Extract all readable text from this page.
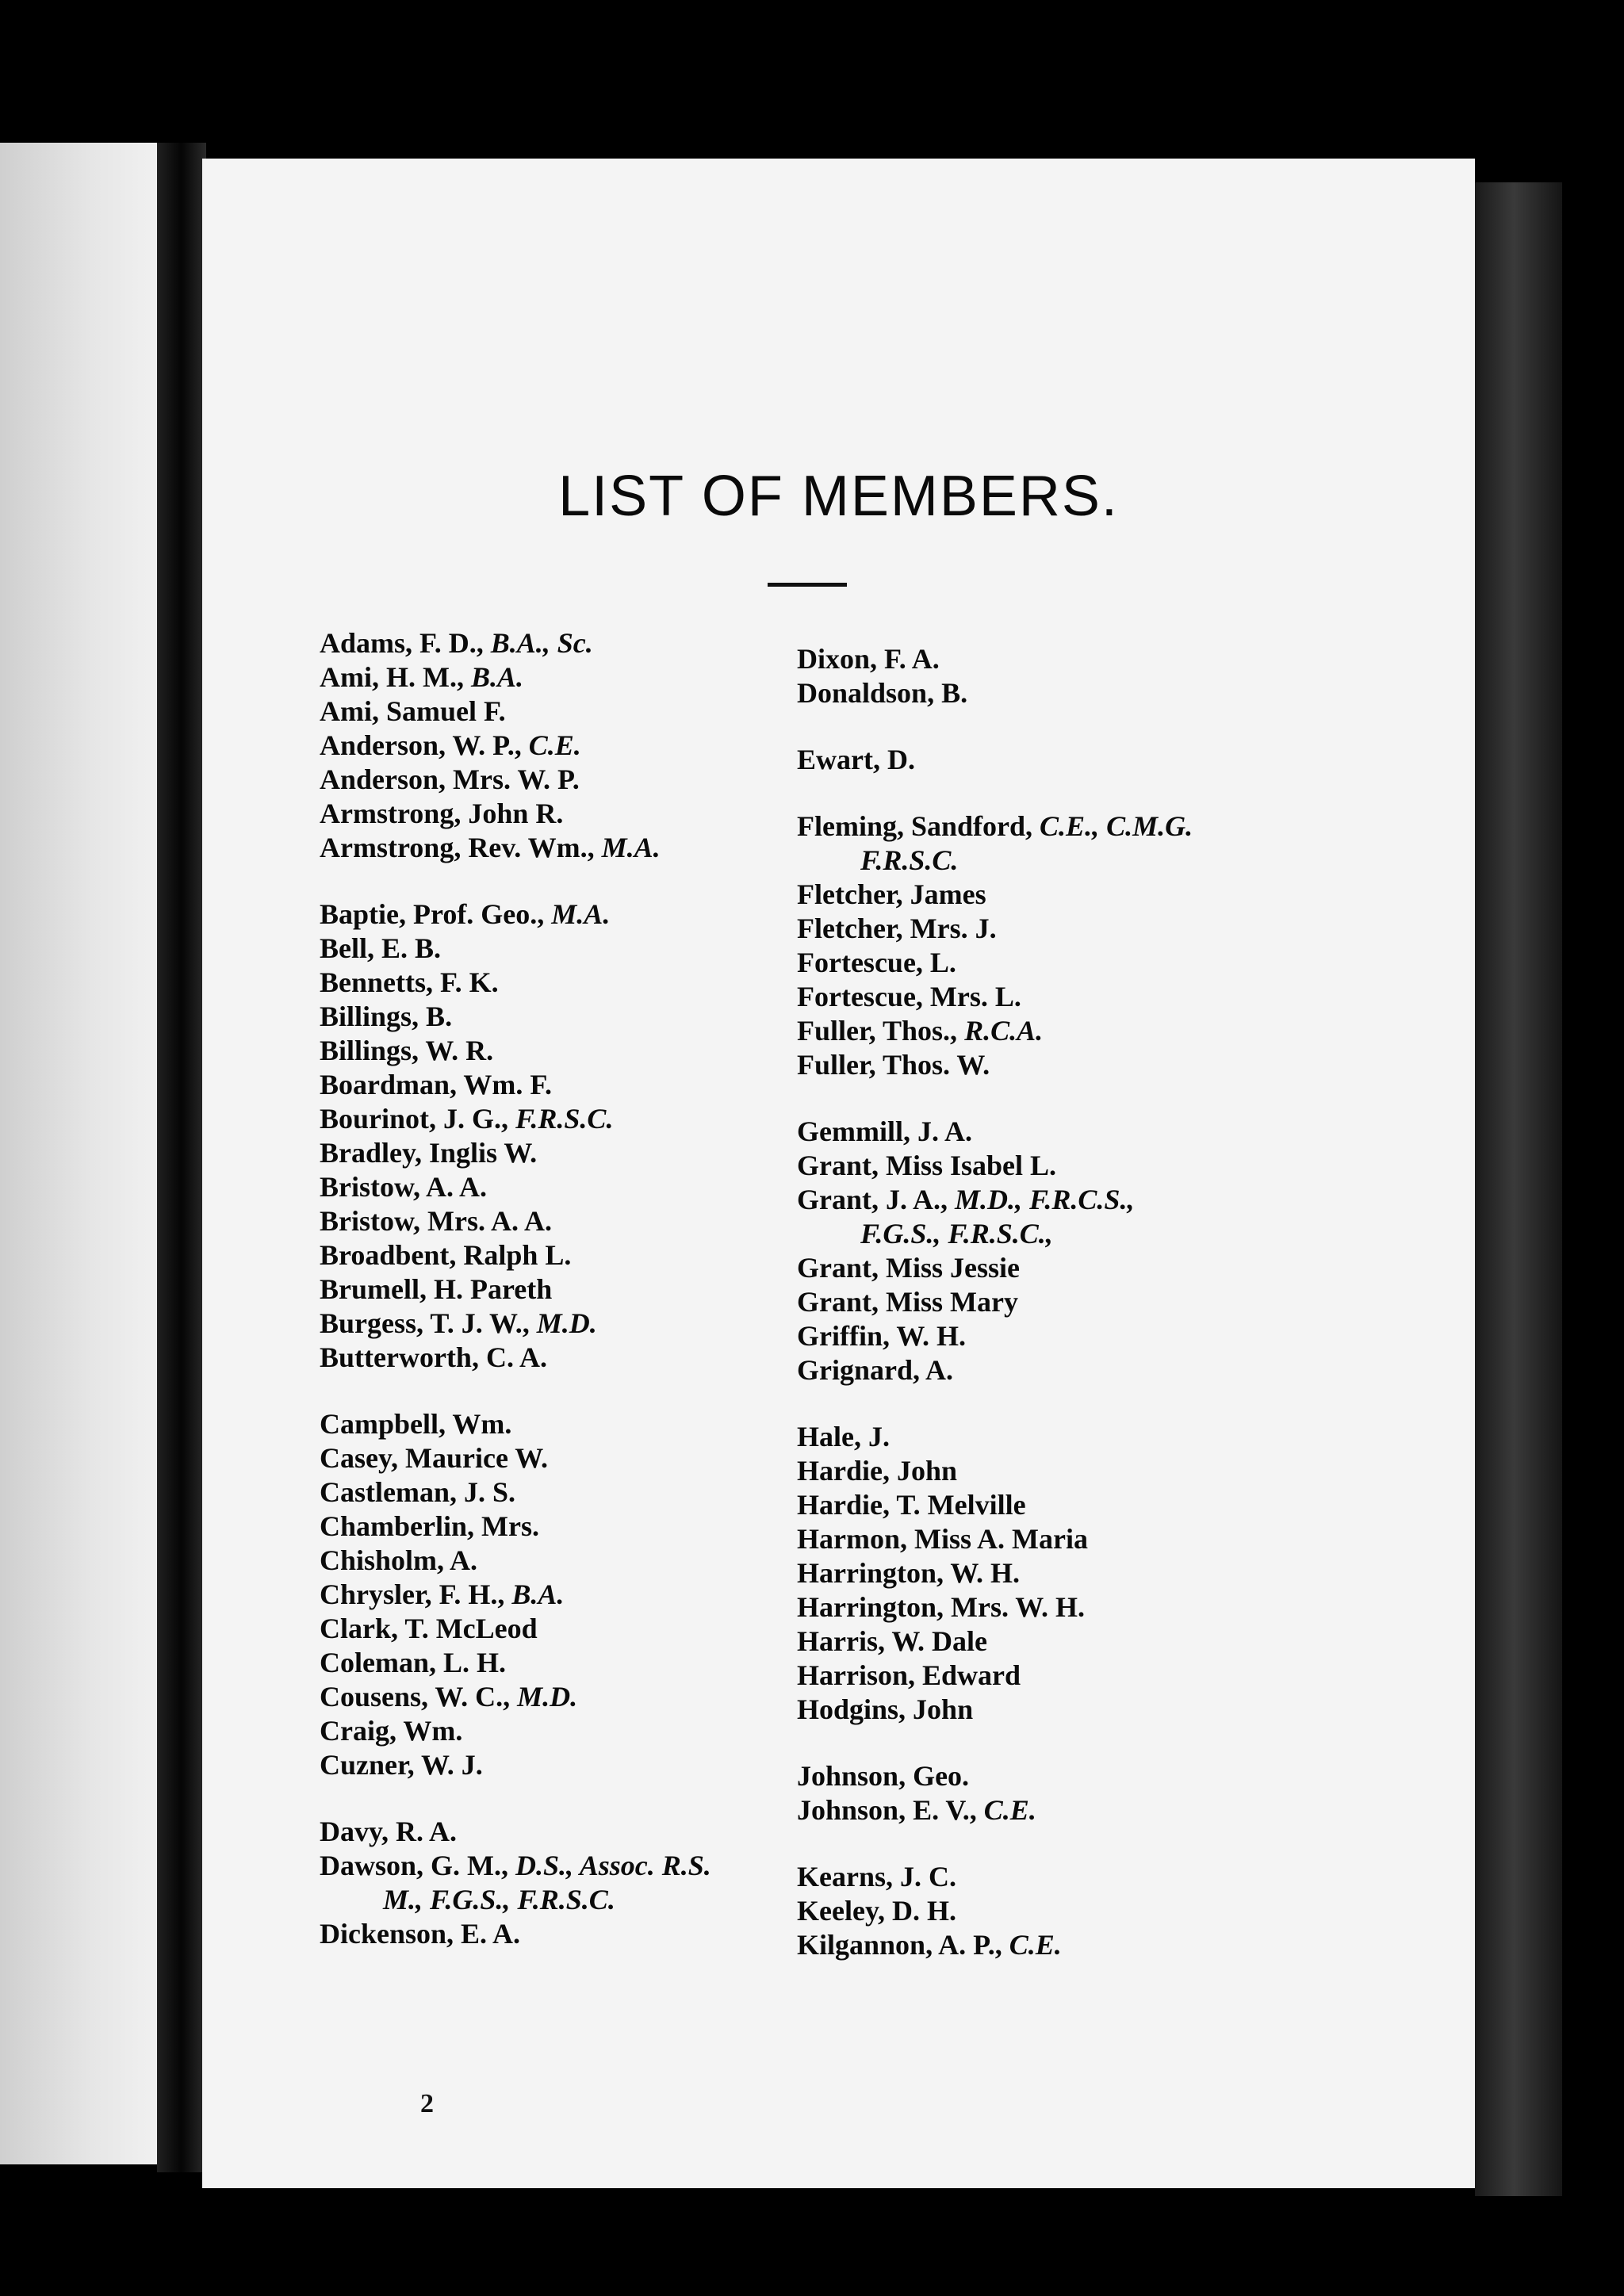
LIST OF MEMBERS.
Adams, F. D., B.A., Sc.
Ami, H. M., B.A.
Ami, Samuel F.
Anderson, W. P., C.E.
Anderson, Mrs. W. P.
Armstrong, John R.
Armstrong, Rev. Wm., M.A.
Baptie, Prof. Geo., M.A.
Bell, E. B.
Bennetts, F. K.
Billings, B.
Billings, W. R.
Boardman, Wm. F.
Bourinot, J. G., F.R.S.C.
Bradley, Inglis W.
Bristow, A. A.
Bristow, Mrs. A. A.
Broadbent, Ralph L.
Brumell, H. Pareth
Burgess, T. J. W., M.D.
Butterworth, C. A.
Campbell, Wm.
Casey, Maurice W.
Castleman, J. S.
Chamberlin, Mrs.
Chisholm, A.
Chrysler, F. H., B.A.
Clark, T. McLeod
Coleman, L. H.
Cousens, W. C., M.D.
Craig, Wm.
Cuzner, W. J.
Davy, R. A.
Dawson, G. M., D.S., Assoc. R.S.
M., F.G.S., F.R.S.C.
Dickenson, E. A.
Dixon, F. A.
Donaldson, B.
Ewart, D.
Fleming, Sandford, C.E., C.M.G.
F.R.S.C.
Fletcher, James
Fletcher, Mrs. J.
Fortescue, L.
Fortescue, Mrs. L.
Fuller, Thos., R.C.A.
Fuller, Thos. W.
Gemmill, J. A.
Grant, Miss Isabel L.
Grant, J. A., M.D., F.R.C.S.,
F.G.S., F.R.S.C.,
Grant, Miss Jessie
Grant, Miss Mary
Griffin, W. H.
Grignard, A.
Hale, J.
Hardie, John
Hardie, T. Melville
Harmon, Miss A. Maria
Harrington, W. H.
Harrington, Mrs. W. H.
Harris, W. Dale
Harrison, Edward
Hodgins, John
Johnson, Geo.
Johnson, E. V., C.E.
Kearns, J. C.
Keeley, D. H.
Kilgannon, A. P., C.E.

2
